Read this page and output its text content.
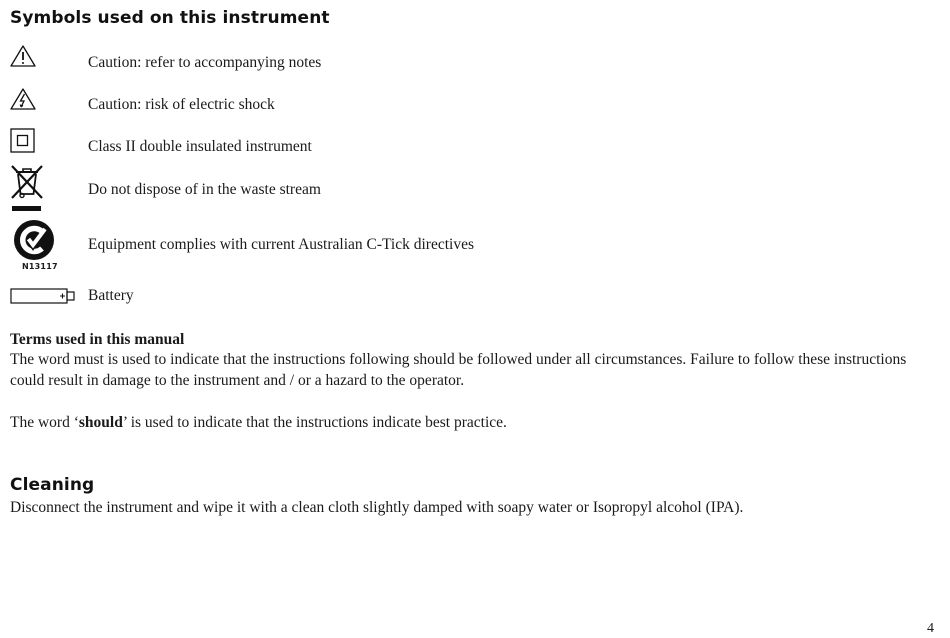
Symbols used on this instrument
Caution: refer to accompanying notes
Caution: risk of electric shock
Class II double insulated instrument
Do not dispose of in the waste stream
N13117
Equipment complies with current Australian C-Tick directives
Battery
Terms used in this manual
The word must is used to indicate that the instructions following should be followed under all circumstances. Failure to follow these instructions could result in damage to the instrument and / or a hazard to the operator.
The word ‘should’ is used to indicate that the instructions indicate best practice.
Cleaning
Disconnect the instrument and wipe it with a clean cloth slightly damped with soapy water or Isopropyl alcohol (IPA).
4
